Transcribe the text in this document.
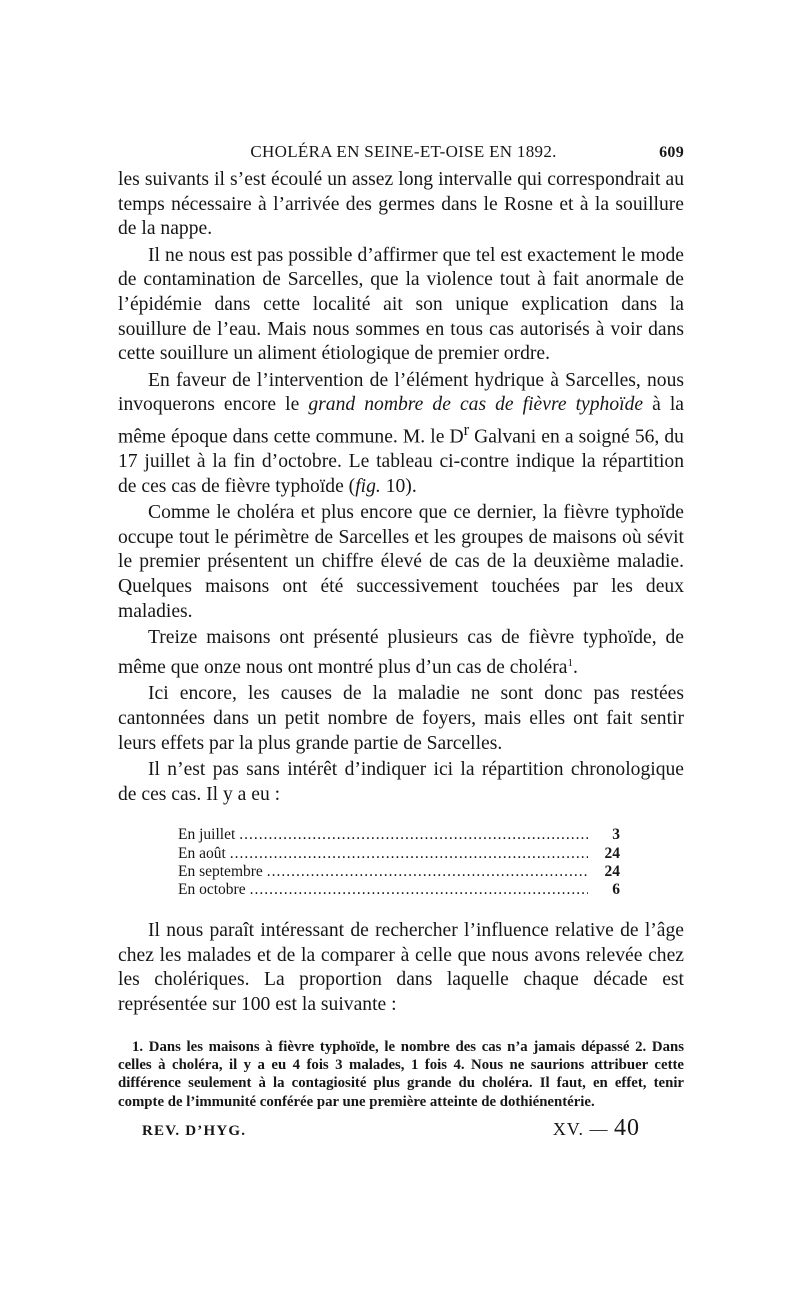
CHOLÉRA EN SEINE-ET-OISE EN 1892.	609

les suivants il s’est écoulé un assez long intervalle qui correspondrait au temps nécessaire à l’arrivée des germes dans le Rosne et à la souillure de la nappe.

Il ne nous est pas possible d’affirmer que tel est exactement le mode de contamination de Sarcelles, que la violence tout à fait anormale de l’épidémie dans cette localité ait son unique explication dans la souillure de l’eau. Mais nous sommes en tous cas autorisés à voir dans cette souillure un aliment étiologique de premier ordre.

En faveur de l’intervention de l’élément hydrique à Sarcelles, nous invoquerons encore le grand nombre de cas de fièvre typhoïde à la même époque dans cette commune. M. le $D^r$ Galvani en a soigné 56, du 17 juillet à la fin d’octobre. Le tableau ci-contre indique la répartition de ces cas de fièvre typhoïde (fig. 10).

Comme le choléra et plus encore que ce dernier, la fièvre typhoïde occupe tout le périmètre de Sarcelles et les groupes de maisons où sévit le premier présentent un chiffre élevé de cas de la deuxième maladie. Quelques maisons ont été successivement touchées par les deux maladies.

Treize maisons ont présenté plusieurs cas de fièvre typhoïde, de même que onze nous ont montré plus d’un cas de choléra$^1$.

Ici encore, les causes de la maladie ne sont donc pas restées cantonnées dans un petit nombre de foyers, mais elles ont fait sentir leurs effets par la plus grande partie de Sarcelles.

Il n’est pas sans intérêt d’indiquer ici la répartition chronologique de ces cas. Il y a eu :

En juillet .....	3
En août .....	24
En septembre .....	24
En octobre .....	6

Il nous paraît intéressant de rechercher l’influence relative de l’âge chez les malades et de la comparer à celle que nous avons relevée chez les cholériques. La proportion dans laquelle chaque décade est représentée sur 100 est la suivante :

1. Dans les maisons à fièvre typhoïde, le nombre des cas n’a jamais dépassé 2. Dans celles à choléra, il y a eu 4 fois 3 malades, 1 fois 4. Nous ne saurions attribuer cette différence seulement à la contagiosité plus grande du choléra. Il faut, en effet, tenir compte de l’immunité conférée par une première atteinte de dothiénentérie.

REV. D’HYG.	XV. — 40
